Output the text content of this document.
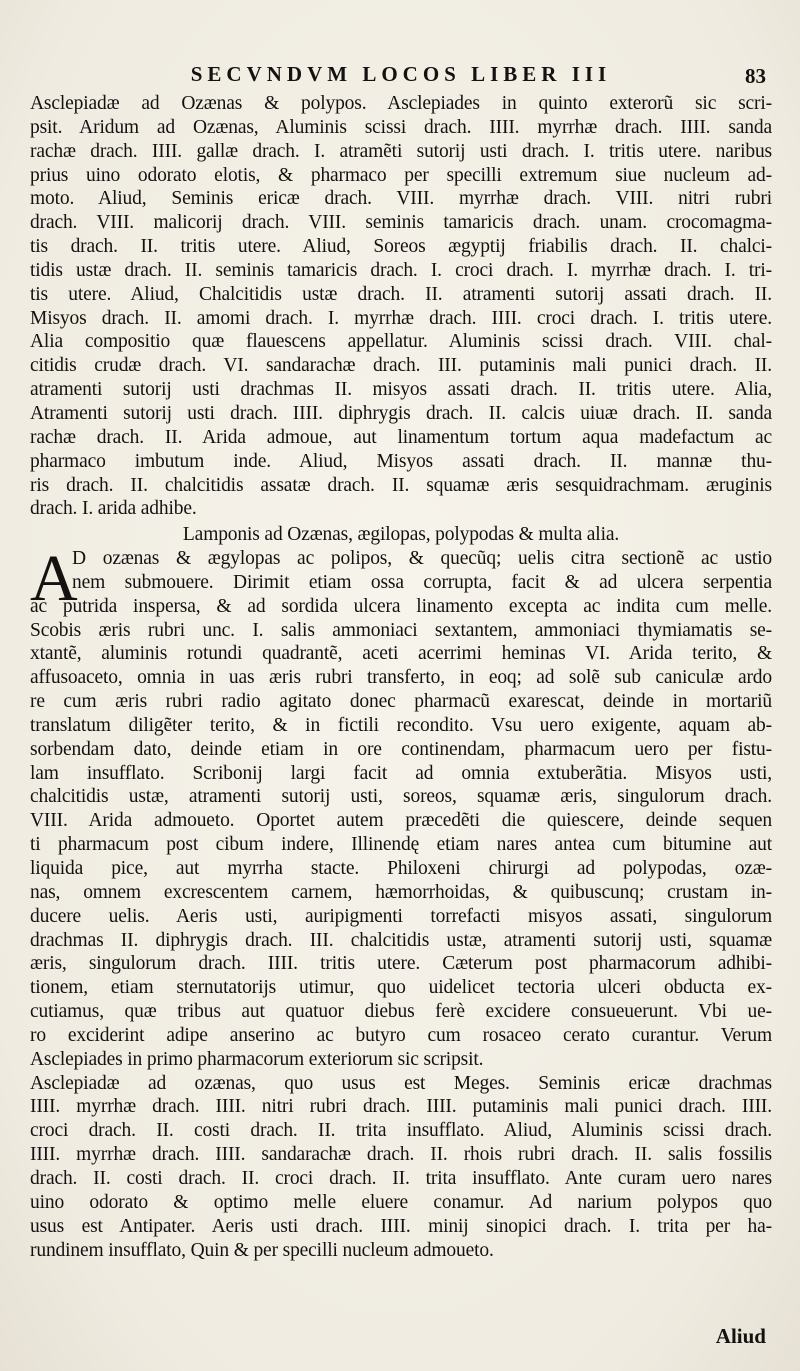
SECVNDVM LOCOS LIBER III	83
Asclepiadæ ad Ozænas & polypos. Asclepiades in quinto exterorũ sic scri-
psit. Aridum ad Ozænas, Aluminis scissi drach. IIII. myrrhæ drach. IIII. sanda
rachæ drach. IIII. gallæ drach. I. atramẽti sutorij usti drach. I. tritis utere. naribus
prius uino odorato elotis, & pharmaco per specilli extremum siue nucleum ad-
moto. Aliud, Seminis ericæ drach. VIII. myrrhæ drach. VIII. nitri rubri
drach. VIII. malicorij drach. VIII. seminis tamaricis drach. unam. crocomagma-
tis drach. II. tritis utere. Aliud, Soreos ægyptij friabilis drach. II. chalci-
tidis ustæ drach. II. seminis tamaricis drach. I. croci drach. I. myrrhæ drach. I. tri-
tis utere. Aliud, Chalcitidis ustæ drach. II. atramenti sutorij assati drach. II.
Misyos drach. II. amomi drach. I. myrrhæ drach. IIII. croci drach. I. tritis utere.
Alia compositio quæ flauescens appellatur. Aluminis scissi drach. VIII. chal-
citidis crudæ drach. VI. sandarachæ drach. III. putaminis mali punici drach. II.
atramenti sutorij usti drachmas II. misyos assati drach. II. tritis utere. Alia,
Atramenti sutorij usti drach. IIII. diphrygis drach. II. calcis uiuæ drach. II. sanda
rachæ drach. II. Arida admoue, aut linamentum tortum aqua madefactum ac
pharmaco imbutum inde. Aliud, Misyos assati drach. II. mannæ thu-
ris drach. II. chalcitidis assatæ drach. II. squamæ æris sesquidrachmam. æruginis
drach. I. arida adhibe.
Lamponis ad Ozænas, ægilopas, polypodas & multa alia.
A
D ozænas & ægylopas ac polipos, & quecũq; uelis citra sectionẽ ac ustio
nem submouere. Dirimit etiam ossa corrupta, facit & ad ulcera serpentia
ac putrida inspersa, & ad sordida ulcera linamento excepta ac indita cum melle.
Scobis æris rubri unc. I. salis ammoniaci sextantem, ammoniaci thymiamatis se-
xtantẽ, aluminis rotundi quadrantẽ, aceti acerrimi heminas VI. Arida terito, &
affusoaceto, omnia in uas æris rubri transferto, in eoq; ad solẽ sub caniculæ ardo
re cum æris rubri radio agitato donec pharmacũ exarescat, deinde in mortariũ
translatum diligẽter terito, & in fictili recondito. Vsu uero exigente, aquam ab-
sorbendam dato, deinde etiam in ore continendam, pharmacum uero per fistu-
lam insufflato. Scribonij largi facit ad omnia extuberãtia. Misyos usti,
chalcitidis ustæ, atramenti sutorij usti, soreos, squamæ æris, singulorum drach.
VIII. Arida admoueto. Oportet autem præcedẽti die quiescere, deinde sequen
ti pharmacum post cibum indere, Illinendę etiam nares antea cum bitumine aut
liquida pice, aut myrrha stacte. Philoxeni chirurgi ad polypodas, ozæ-
nas, omnem excrescentem carnem, hæmorrhoidas, & quibuscunq; crustam in-
ducere uelis. Aeris usti, auripigmenti torrefacti misyos assati, singulorum
drachmas II. diphrygis drach. III. chalcitidis ustæ, atramenti sutorij usti, squamæ
æris, singulorum drach. IIII. tritis utere. Cæterum post pharmacorum adhibi-
tionem, etiam sternutatorijs utimur, quo uidelicet tectoria ulceri obducta ex-
cutiamus, quæ tribus aut quatuor diebus ferè excidere consueuerunt. Vbi ue-
ro exciderint adipe anserino ac butyro cum rosaceo cerato curantur. Verum
Asclepiades in primo pharmacorum exteriorum sic scripsit.
Asclepiadæ ad ozænas, quo usus est Meges. Seminis ericæ drachmas
IIII. myrrhæ drach. IIII. nitri rubri drach. IIII. putaminis mali punici drach. IIII.
croci drach. II. costi drach. II. trita insufflato. Aliud, Aluminis scissi drach.
IIII. myrrhæ drach. IIII. sandarachæ drach. II. rhois rubri drach. II. salis fossilis
drach. II. costi drach. II. croci drach. II. trita insufflato. Ante curam uero nares
uino odorato & optimo melle eluere conamur. Ad narium polypos quo
usus est Antipater. Aeris usti drach. IIII. minij sinopici drach. I. trita per ha-
rundinem insufflato, Quin & per specilli nucleum admoueto.
Aliud
